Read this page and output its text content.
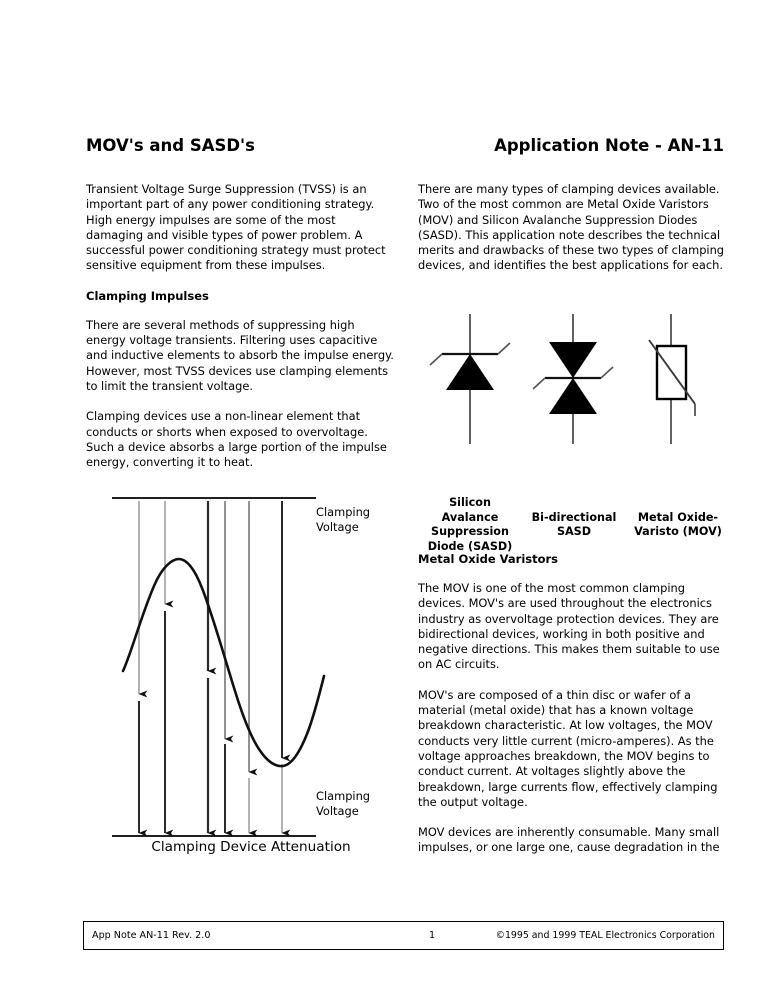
MOV's and SASD's	Application Note - AN-11

Transient Voltage Surge Suppression (TVSS) is an important part of any power conditioning strategy. High energy impulses are some of the most damaging and visible types of power problem. A successful power conditioning strategy must protect sensitive equipment from these impulses.

Clamping Impulses

There are several methods of suppressing high energy voltage transients. Filtering uses capacitive and inductive elements to absorb the impulse energy. However, most TVSS devices use clamping elements to limit the transient voltage.

Clamping devices use a non-linear element that conducts or shorts when exposed to overvoltage. Such a device absorbs a large portion of the impulse energy, converting it to heat.

Clamping
Voltage
Clamping
Voltage
Clamping Device Attenuation

There are many types of clamping devices available. Two of the most common are Metal Oxide Varistors (MOV) and Silicon Avalanche Suppression Diodes (SASD). This application note describes the technical merits and drawbacks of these two types of clamping devices, and identifies the best applications for each.

Silicon
Avalance
Suppression
Diode (SASD)
Bi-directional
SASD
Metal Oxide-
Varisto (MOV)
Metal Oxide Varistors

The MOV is one of the most common clamping devices. MOV's are used throughout the electronics industry as overvoltage protection devices. They are bidirectional devices, working in both positive and negative directions. This makes them suitable to use on AC circuits.

MOV's are composed of a thin disc or wafer of a material (metal oxide) that has a known voltage breakdown characteristic. At low voltages, the MOV conducts very little current (micro-amperes). As the voltage approaches breakdown, the MOV begins to conduct current. At voltages slightly above the breakdown, large currents flow, effectively clamping the output voltage.

MOV devices are inherently consumable. Many small impulses, or one large one, cause degradation in the

App Note AN-11 Rev. 2.0	1	©1995 and 1999 TEAL Electronics Corporation
